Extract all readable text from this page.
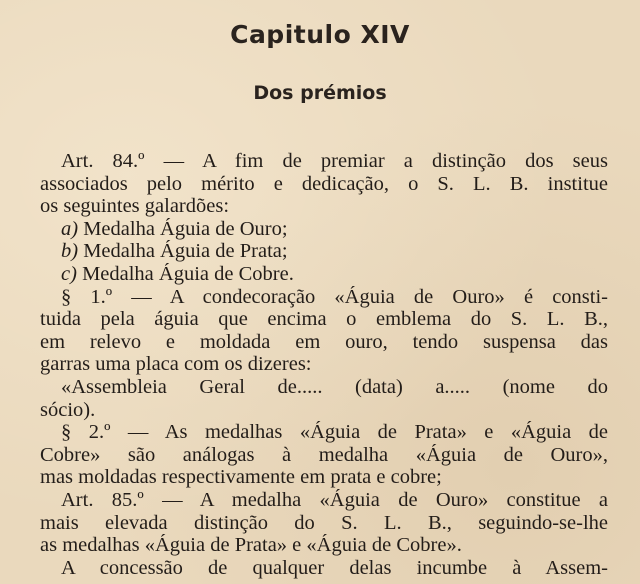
Capitulo XIV
Dos prémios
Art. 84.º — A fim de premiar a distinção dos seus
associados pelo mérito e dedicação, o S. L. B. institue
os seguintes galardões:
a) Medalha Águia de Ouro;
b) Medalha Águia de Prata;
c) Medalha Águia de Cobre.
§ 1.º — A condecoração «Águia de Ouro» é consti-
tuida pela águia que encima o emblema do S. L. B.,
em relevo e moldada em ouro, tendo suspensa das
garras uma placa com os dizeres:
«Assembleia Geral de..... (data) a..... (nome do
sócio).
§ 2.º — As medalhas «Águia de Prata» e «Águia de
Cobre» são análogas à medalha «Águia de Ouro»,
mas moldadas respectivamente em prata e cobre;
Art. 85.º — A medalha «Águia de Ouro» constitue a
mais elevada distinção do S. L. B., seguindo-se-lhe
as medalhas «Águia de Prata» e «Águia de Cobre».
A concessão de qualquer delas incumbe à Assem-
